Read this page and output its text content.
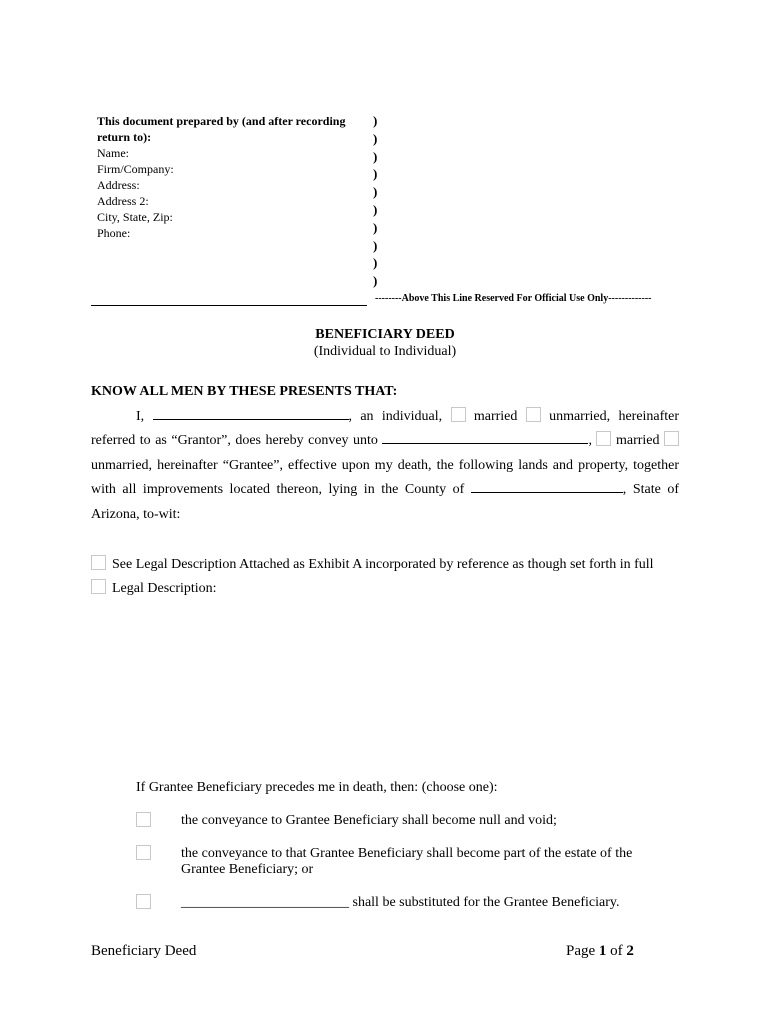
This document prepared by (and after recording
return to):
Name:
Firm/Company:
Address:
Address 2:
City, State, Zip:
Phone:
)
)
)
)
)
)
)
)
)
)
--------Above This Line Reserved For Official Use Only-------------
BENEFICIARY DEED
(Individual to Individual)
KNOW ALL MEN BY THESE PRESENTS THAT:
I,	, an individual, married unmarried, hereinafter
referred to as “Grantor”, does hereby convey unto	, married
unmarried, hereinafter “Grantee”, effective upon my death, the following lands and property, together
with all improvements located thereon, lying in the County of	, State of
Arizona, to-wit:
See Legal Description Attached as Exhibit A incorporated by reference as though set forth in full
Legal Description:
If Grantee Beneficiary precedes me in death, then: (choose one):
the conveyance to Grantee Beneficiary shall become null and void;
the conveyance to that Grantee Beneficiary shall become part of the estate of the Grantee Beneficiary; or
________________________ shall be substituted for the Grantee Beneficiary.
Beneficiary Deed	Page 1 of 2
